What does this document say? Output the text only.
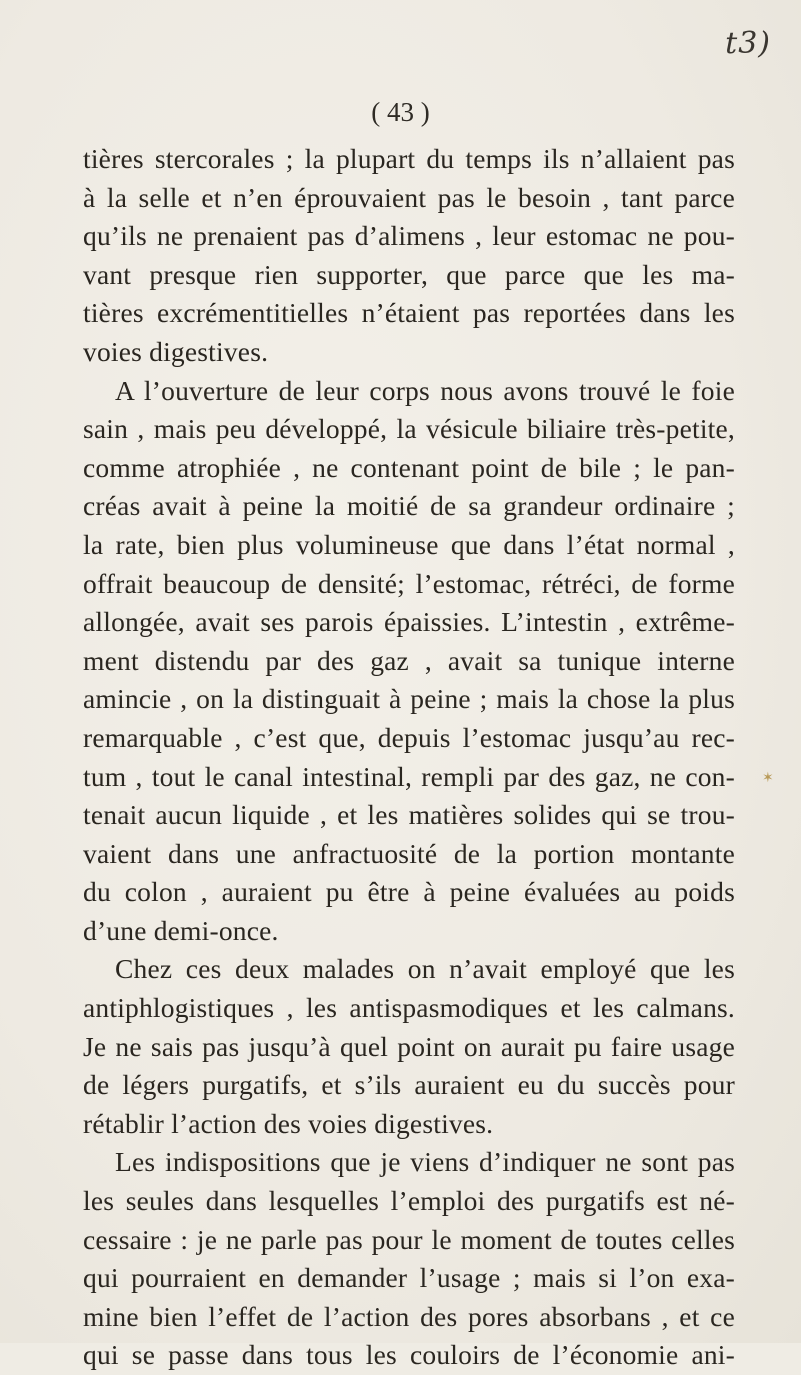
t3)
( 43 )
tières stercorales ; la plupart du temps ils n’allaient pas
à la selle et n’en éprouvaient pas le besoin , tant parce
qu’ils ne prenaient pas d’alimens , leur estomac ne pou-
vant presque rien supporter, que parce que les ma-
tières excrémentitielles n’étaient pas reportées dans les
voies digestives.
A l’ouverture de leur corps nous avons trouvé le foie
sain , mais peu développé, la vésicule biliaire très-petite,
comme atrophiée , ne contenant point de bile ; le pan-
créas avait à peine la moitié de sa grandeur ordinaire ;
la rate, bien plus volumineuse que dans l’état normal ,
offrait beaucoup de densité; l’estomac, rétréci, de forme
allongée, avait ses parois épaissies. L’intestin , extrême-
ment distendu par des gaz , avait sa tunique interne
amincie , on la distinguait à peine ; mais la chose la plus
remarquable , c’est que, depuis l’estomac jusqu’au rec-
tum , tout le canal intestinal, rempli par des gaz, ne con-
tenait aucun liquide , et les matières solides qui se trou-
vaient dans une anfractuosité de la portion montante
du colon , auraient pu être à peine évaluées au poids
d’une demi-once.
Chez ces deux malades on n’avait employé que les
antiphlogistiques , les antispasmodiques et les calmans.
Je ne sais pas jusqu’à quel point on aurait pu faire usage
de légers purgatifs, et s’ils auraient eu du succès pour
rétablir l’action des voies digestives.
Les indispositions que je viens d’indiquer ne sont pas
les seules dans lesquelles l’emploi des purgatifs est né-
cessaire : je ne parle pas pour le moment de toutes celles
qui pourraient en demander l’usage ; mais si l’on exa-
mine bien l’effet de l’action des pores absorbans , et ce
qui se passe dans tous les couloirs de l’économie ani-
✶
